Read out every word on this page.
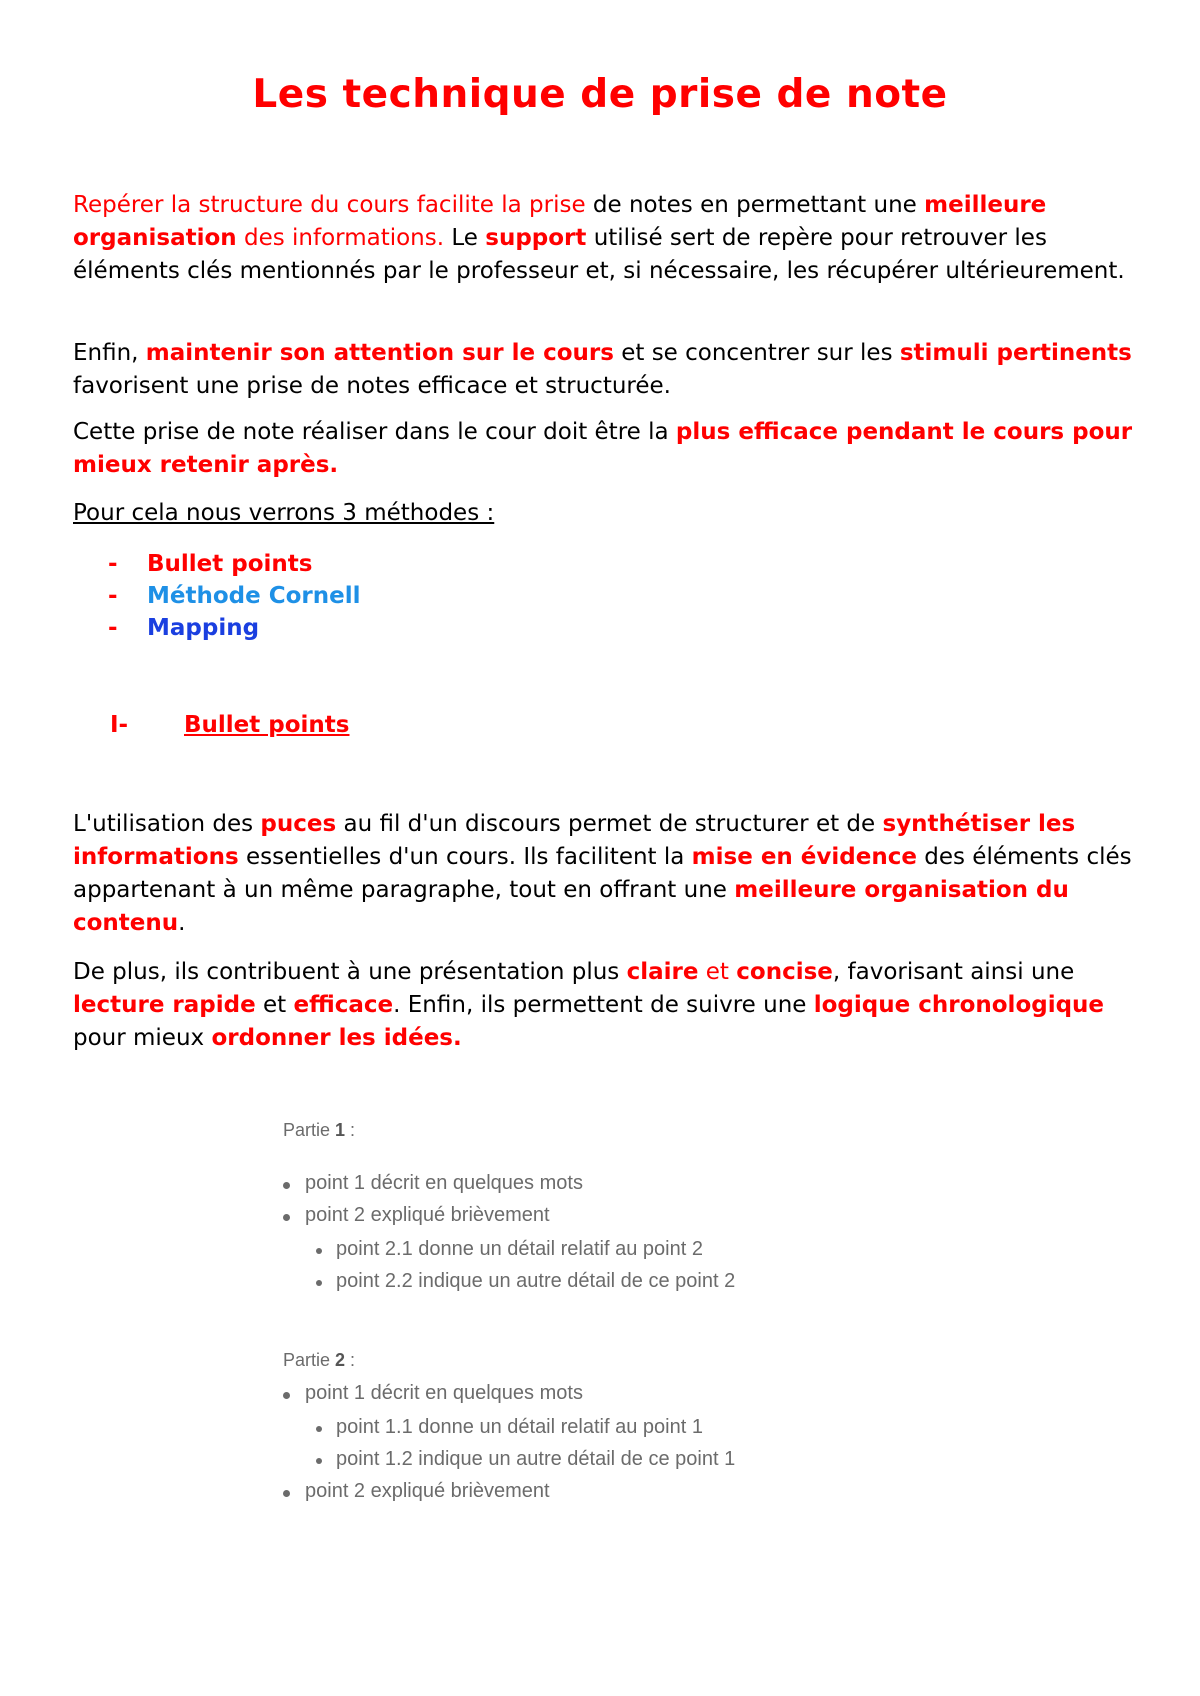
Les technique de prise de note

Repérer la structure du cours facilite la prise de notes en permettant une meilleure organisation des informations. Le support utilisé sert de repère pour retrouver les éléments clés mentionnés par le professeur et, si nécessaire, les récupérer ultérieurement.

Enfin, maintenir son attention sur le cours et se concentrer sur les stimuli pertinents favorisent une prise de notes efficace et structurée.

Cette prise de note réaliser dans le cour doit être la plus efficace pendant le cours pour mieux retenir après.

Pour cela nous verrons 3 méthodes :

- Bullet points
- Méthode Cornell
- Mapping
I- Bullet points

L'utilisation des puces au fil d'un discours permet de structurer et de synthétiser les informations essentielles d'un cours. Ils facilitent la mise en évidence des éléments clés appartenant à un même paragraphe, tout en offrant une meilleure organisation du contenu.

De plus, ils contribuent à une présentation plus claire et concise, favorisant ainsi une lecture rapide et efficace. Enfin, ils permettent de suivre une logique chronologique pour mieux ordonner les idées.

Partie 1 :
point 1 décrit en quelques mots
point 2 expliqué brièvement
point 2.1 donne un détail relatif au point 2
point 2.2 indique un autre détail de ce point 2
Partie 2 :
point 1 décrit en quelques mots
point 1.1 donne un détail relatif au point 1
point 1.2 indique un autre détail de ce point 1
point 2 expliqué brièvement
